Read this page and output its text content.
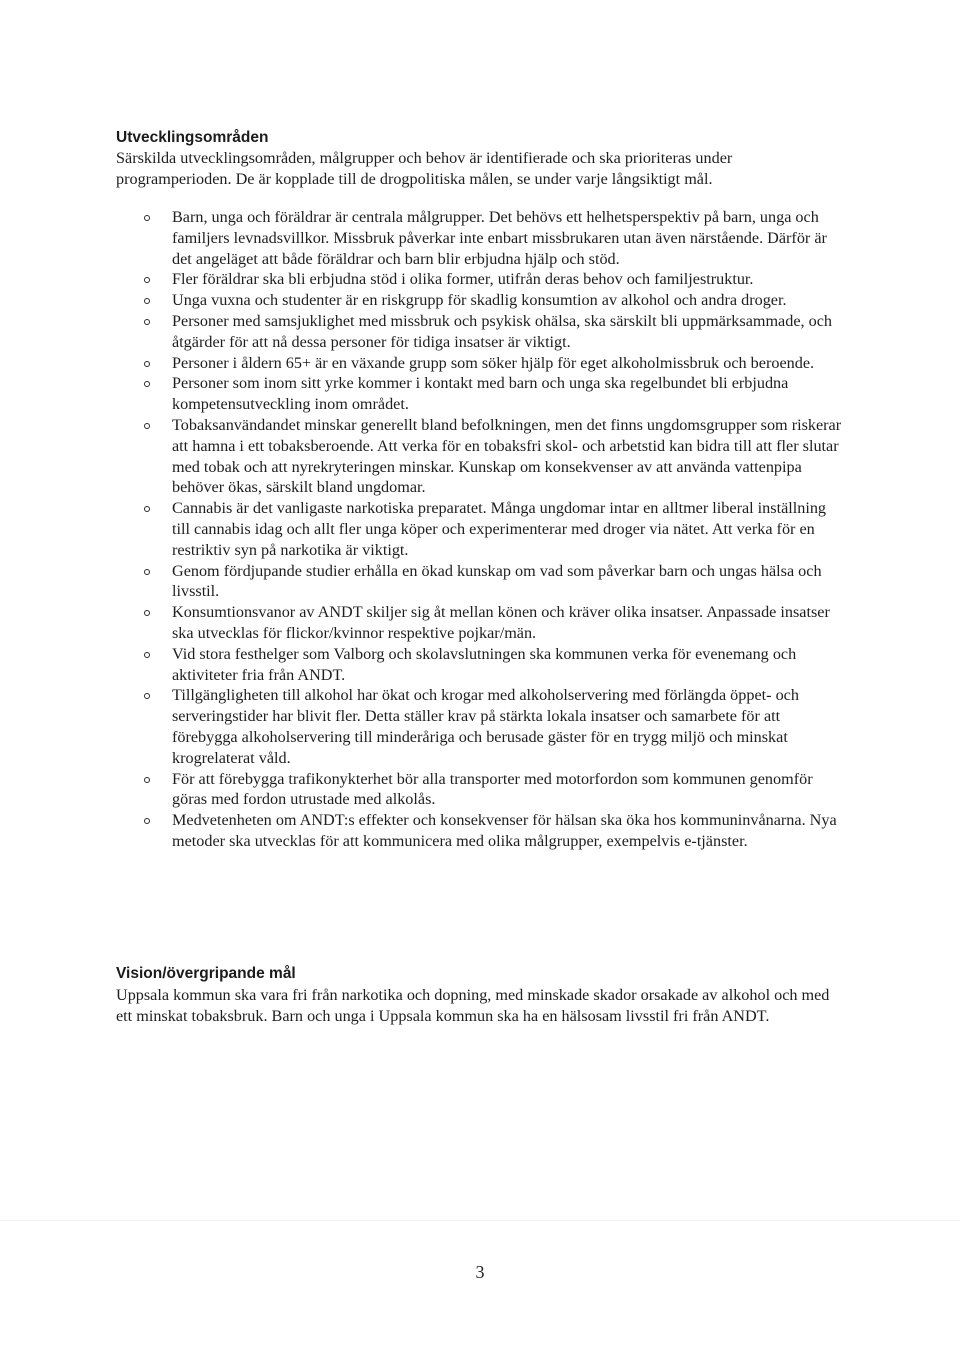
Utvecklingsområden

Särskilda utvecklingsområden, målgrupper och behov är identifierade och ska prioriteras under programperioden. De är kopplade till de drogpolitiska målen, se under varje långsiktigt mål.

Barn, unga och föräldrar är centrala målgrupper. Det behövs ett helhetsperspektiv på barn, unga och familjers levnadsvillkor. Missbruk påverkar inte enbart missbrukaren utan även närstående. Därför är det angeläget att både föräldrar och barn blir erbjudna hjälp och stöd.
Fler föräldrar ska bli erbjudna stöd i olika former, utifrån deras behov och familjestruktur.
Unga vuxna och studenter är en riskgrupp för skadlig konsumtion av alkohol och andra droger.
Personer med samsjuklighet med missbruk och psykisk ohälsa, ska särskilt bli uppmärksammade, och åtgärder för att nå dessa personer för tidiga insatser är viktigt.
Personer i åldern 65+ är en växande grupp som söker hjälp för eget alkoholmissbruk och beroende.
Personer som inom sitt yrke kommer i kontakt med barn och unga ska regelbundet bli erbjudna kompetensutveckling inom området.
Tobaksanvändandet minskar generellt bland befolkningen, men det finns ungdomsgrupper som riskerar att hamna i ett tobaksberoende. Att verka för en tobaksfri skol- och arbetstid kan bidra till att fler slutar med tobak och att nyrekryteringen minskar. Kunskap om konsekvenser av att använda vattenpipa behöver ökas, särskilt bland ungdomar.
Cannabis är det vanligaste narkotiska preparatet. Många ungdomar intar en alltmer liberal inställning till cannabis idag och allt fler unga köper och experimenterar med droger via nätet. Att verka för en restriktiv syn på narkotika är viktigt.
Genom fördjupande studier erhålla en ökad kunskap om vad som påverkar barn och ungas hälsa och livsstil.
Konsumtionsvanor av ANDT skiljer sig åt mellan könen och kräver olika insatser. Anpassade insatser ska utvecklas för flickor/kvinnor respektive pojkar/män.
Vid stora festhelger som Valborg och skolavslutningen ska kommunen verka för evenemang och aktiviteter fria från ANDT.
Tillgängligheten till alkohol har ökat och krogar med alkoholservering med förlängda öppet- och serveringstider har blivit fler. Detta ställer krav på stärkta lokala insatser och samarbete för att förebygga alkoholservering till minderåriga och berusade gäster för en trygg miljö och minskat krogrelaterat våld.
För att förebygga trafikonykterhet bör alla transporter med motorfordon som kommunen genomför göras med fordon utrustade med alkolås.
Medvetenheten om ANDT:s effekter och konsekvenser för hälsan ska öka hos kommuninvånarna. Nya metoder ska utvecklas för att kommunicera med olika målgrupper, exempelvis e-tjänster.
Vision/övergripande mål

Uppsala kommun ska vara fri från narkotika och dopning, med minskade skador orsakade av alkohol och med ett minskat tobaksbruk. Barn och unga i Uppsala kommun ska ha en hälsosam livsstil fri från ANDT.

3
